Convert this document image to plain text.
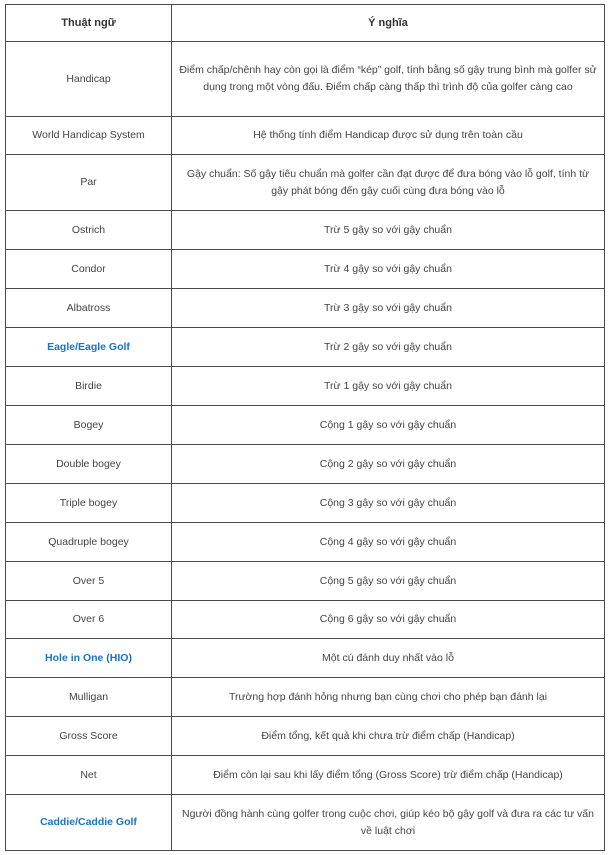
Thuật ngữ	Ý nghĩa
Handicap	Điểm chấp/chênh hay còn gọi là điểm “kép” golf, tính bằng số gậy trung bình mà golfer sử dụng trong một vòng đấu. Điểm chấp càng thấp thì trình độ của golfer càng cao
World Handicap System	Hệ thống tính điểm Handicap được sử dụng trên toàn cầu
Par	Gậy chuẩn: Số gậy tiêu chuẩn mà golfer cần đạt được để đưa bóng vào lỗ golf, tính từ gậy phát bóng đến gậy cuối cùng đưa bóng vào lỗ
Ostrich	Trừ 5 gậy so với gậy chuẩn
Condor	Trừ 4 gậy so với gậy chuẩn
Albatross	Trừ 3 gậy so với gậy chuẩn
Eagle/Eagle Golf	Trừ 2 gậy so với gậy chuẩn
Birdie	Trừ 1 gậy so với gậy chuẩn
Bogey	Cộng 1 gậy so với gậy chuẩn
Double bogey	Cộng 2 gậy so với gậy chuẩn
Triple bogey	Cộng 3 gậy so với gậy chuẩn
Quadruple bogey	Cộng 4 gậy so với gậy chuẩn
Over 5	Cộng 5 gậy so với gậy chuẩn
Over 6	Cộng 6 gậy so với gậy chuẩn
Hole in One (HIO)	Một cú đánh duy nhất vào lỗ
Mulligan	Trường hợp đánh hỏng nhưng bạn cùng chơi cho phép bạn đánh lại
Gross Score	Điểm tổng, kết quả khi chưa trừ điểm chấp (Handicap)
Net	Điểm còn lại sau khi lấy điểm tổng (Gross Score) trừ điểm chấp (Handicap)
Caddie/Caddie Golf	Người đồng hành cùng golfer trong cuộc chơi, giúp kéo bộ gậy golf và đưa ra các tư vấn về luật chơi
